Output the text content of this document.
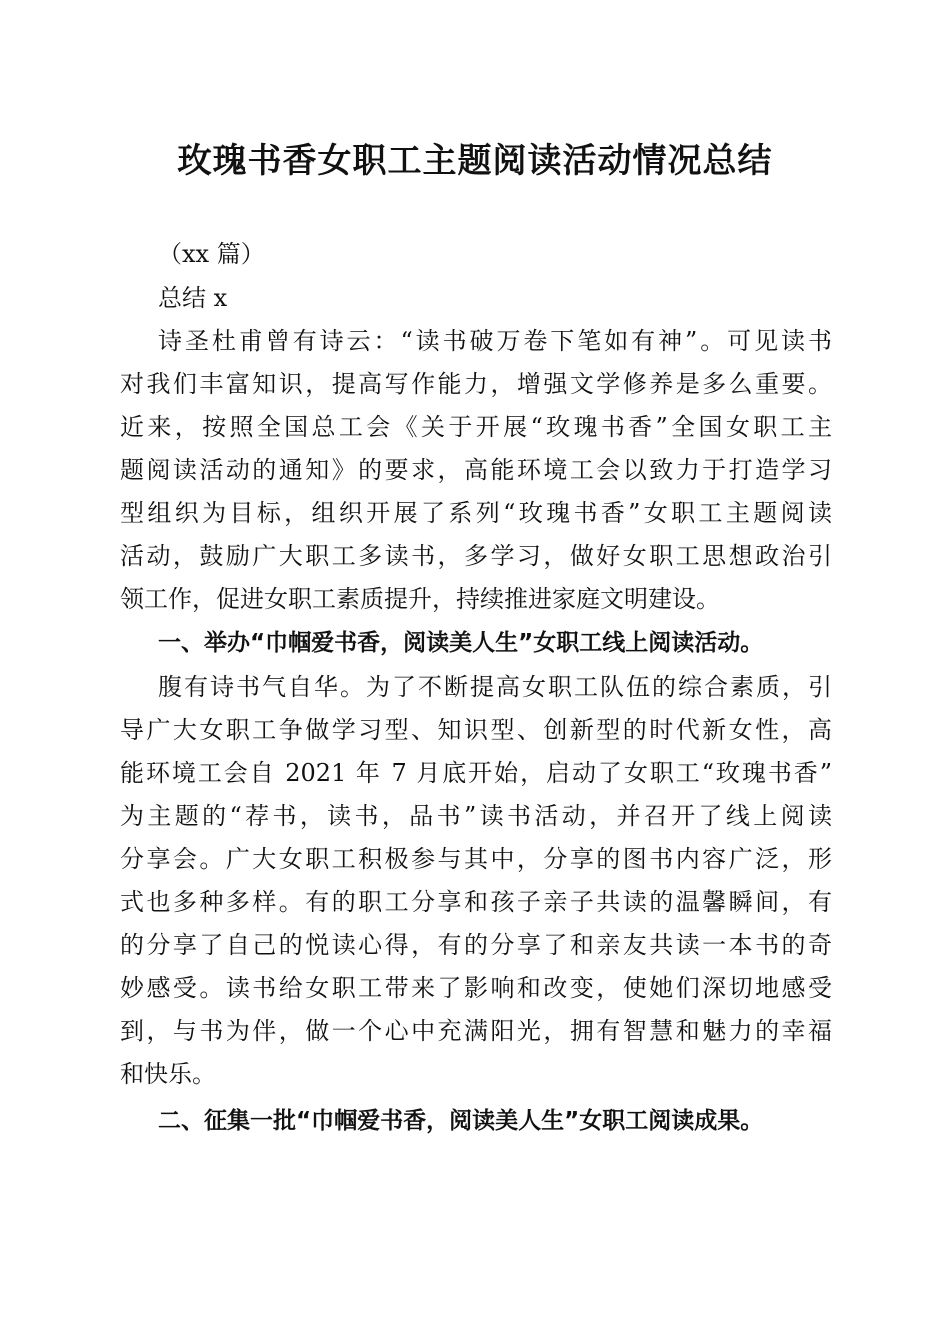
玫瑰书香女职工主题阅读活动情况总结

（xx 篇）

总结 x

诗圣杜甫曾有诗云：“读书破万卷下笔如有神”。可见读书

对我们丰富知识，提高写作能力，增强文学修养是多么重要。

近来，按照全国总工会《关于开展“玫瑰书香”全国女职工主

题阅读活动的通知》的要求，高能环境工会以致力于打造学习

型组织为目标，组织开展了系列“玫瑰书香”女职工主题阅读

活动，鼓励广大职工多读书，多学习，做好女职工思想政治引

领工作，促进女职工素质提升，持续推进家庭文明建设。

一、举办“巾帼爱书香，阅读美人生”女职工线上阅读活动。

腹有诗书气自华。为了不断提高女职工队伍的综合素质，引

导广大女职工争做学习型、知识型、创新型的时代新女性，高

能环境工会自 2021 年 7 月底开始，启动了女职工“玫瑰书香”

为主题的“荐书，读书，品书”读书活动，并召开了线上阅读

分享会。广大女职工积极参与其中，分享的图书内容广泛，形

式也多种多样。有的职工分享和孩子亲子共读的温馨瞬间，有

的分享了自己的悦读心得，有的分享了和亲友共读一本书的奇

妙感受。读书给女职工带来了影响和改变，使她们深切地感受

到，与书为伴，做一个心中充满阳光，拥有智慧和魅力的幸福

和快乐。

二、征集一批“巾帼爱书香，阅读美人生”女职工阅读成果。
